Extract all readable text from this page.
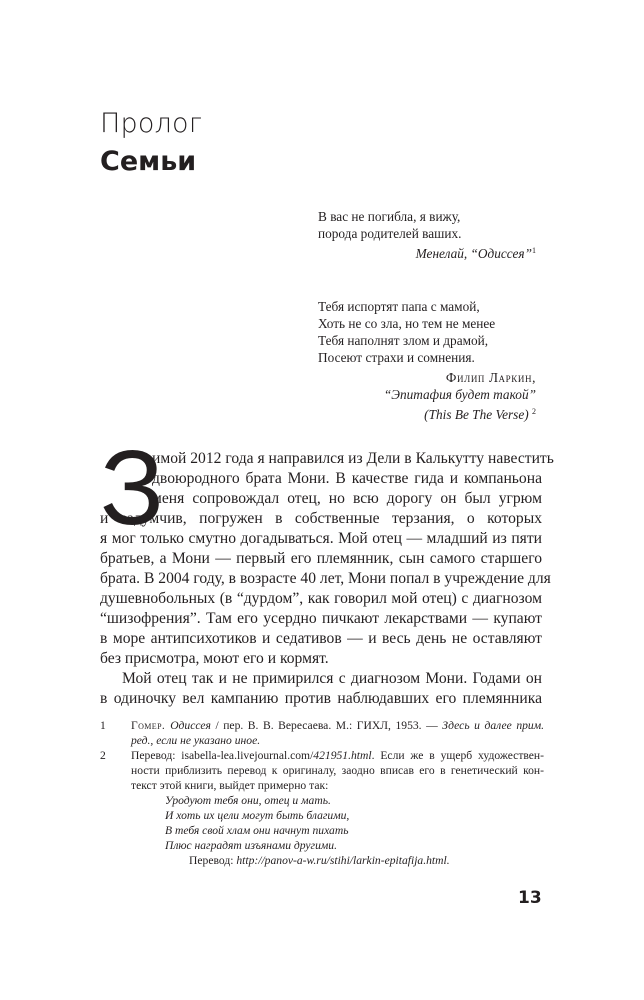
Пролог
Семьи
В вас не погибла, я вижу,
порода родителей ваших.
Менелай, “Одиссея”$^1$
Тебя испортят папа с мамой,
Хоть не со зла, но тем не менее
Тебя наполнят злом и драмой,
Посеют страхи и сомнения.
Филип Ларкин,
“Эпитафия будет такой”
(This Be The Verse) $^2$
З
имой 2012 года я направился из Дели в Калькутту навестить
двоюродного брата Мони. В качестве гида и компаньона
меня сопровождал отец, но всю дорогу он был угрюм
и задумчив, погружен в собственные терзания, о которых
я мог только смутно догадываться. Мой отец — младший из пяти
братьев, а Мони — первый его племянник, сын самого старшего
брата. В 2004 году, в возрасте 40 лет, Мони попал в учреждение для
душевнобольных (в “дурдом”, как говорил мой отец) с диагнозом
“шизофрения”. Там его усердно пичкают лекарствами — купают
в море антипсихотиков и седативов — и весь день не оставляют
без присмотра, моют его и кормят.
Мой отец так и не примирился с диагнозом Мони. Годами он
в одиночку вел кампанию против наблюдавших его племянника
1 Гомер. Одиссея / пер. В. В. Вересаева. М.: ГИХЛ, 1953. — Здесь и далее прим.
ред., если не указано иное.
2 Перевод: isabella-lea.livejournal.com/421951.html. Если же в ущерб художествен-
ности приблизить перевод к оригиналу, заодно вписав его в генетический кон-
текст этой книги, выйдет примерно так:
Уродуют тебя они, отец и мать.
И хоть их цели могут быть благими,
В тебя свой хлам они начнут пихать
Плюс наградят изъянами другими.
Перевод: http://panov-a-w.ru/stihi/larkin-epitafija.html.
13
